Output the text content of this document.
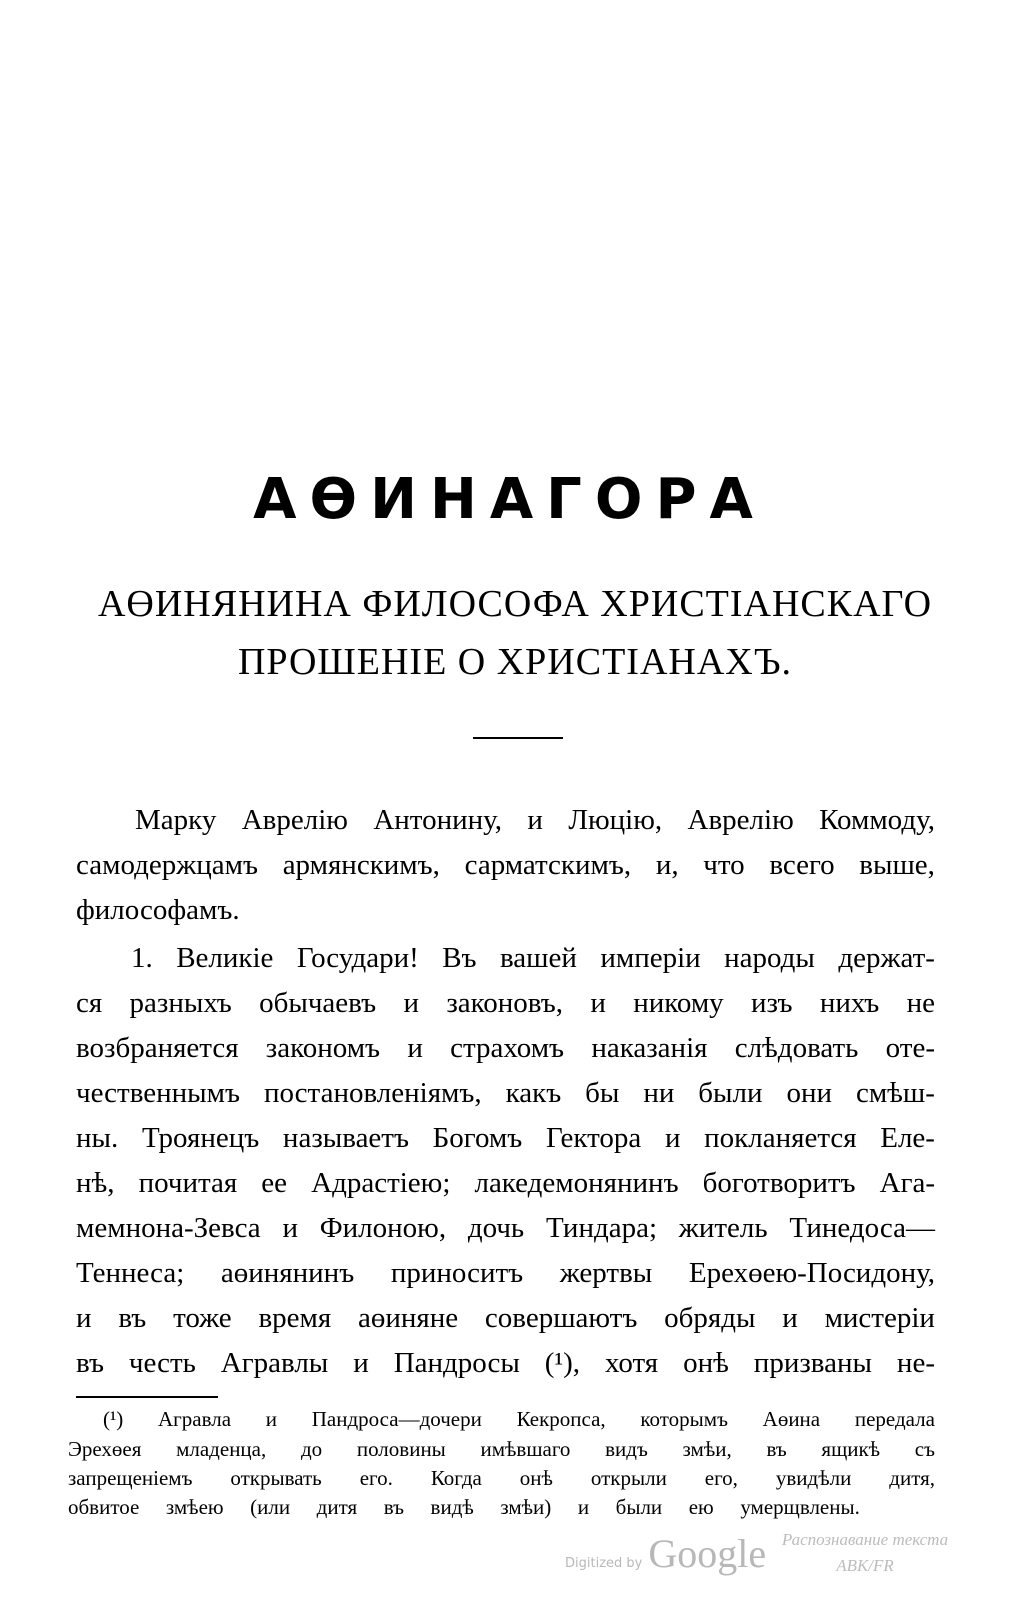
АӨИНАГОРА
АӨИНЯНИНА ФИЛОСОФА ХРИСТІАНСКАГО
ПРОШЕНІЕ О ХРИСТІАНАХЪ.
Марку Аврелію Антонину, и Люцію, Аврелію Коммоду,
самодержцамъ армянскимъ, сарматскимъ, и, что всего выше,
философамъ.

1. Великіе Государи! Въ вашей имперіи народы держат-
ся разныхъ обычаевъ и законовъ, и никому изъ нихъ не
возбраняется закономъ и страхомъ наказанія слѣдовать оте-
чественнымъ постановленіямъ, какъ бы ни были они смѣш-
ны. Троянецъ называетъ Богомъ Гектора и покланяется Еле-
нѣ, почитая ее Адрастіею; лакедемонянинъ боготворитъ Ага-
мемнона-Зевса и Филоною, дочь Тиндара; житель Тинедоса—
Теннеса; аөинянинъ приноситъ жертвы Ерехөею-Посидону,
и въ тоже время аөиняне совершаютъ обряды и мистеріи
въ честь Агравлы и Пандросы (¹), хотя онѣ призваны не-
(¹) Агравла и Пандроса—дочери Кекропса, которымъ Аөина передала
Эрехөея младенца, до половины имѣвшаго видъ змѣи, въ ящикѣ съ
запрещеніемъ открывать его. Когда онѣ открыли его, увидѣли дитя,
обвитое змѣею (или дитя въ видѣ змѣи) и были ею умерщвлены.
Digitized by Google Распознавание текста
ABK/FR
